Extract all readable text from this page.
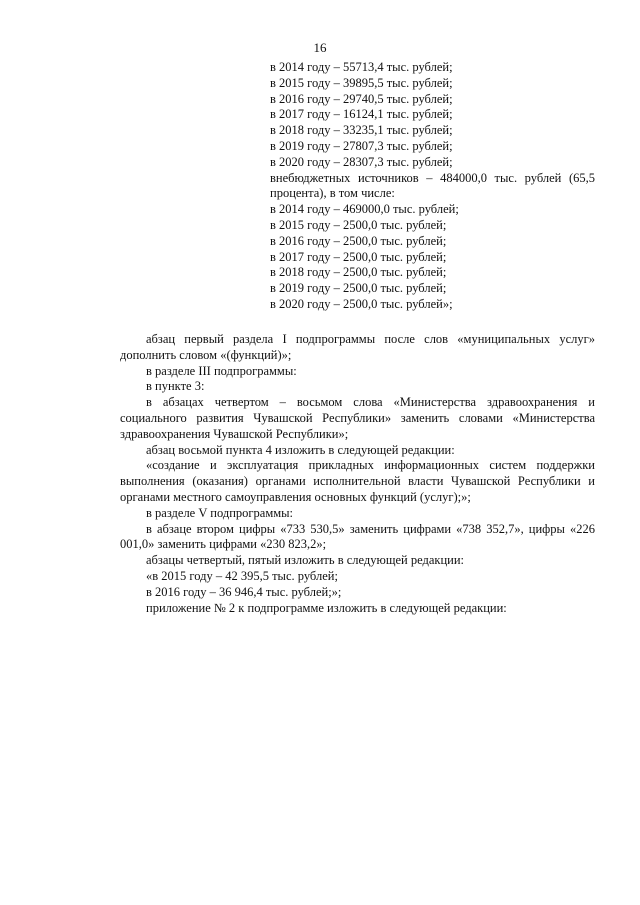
16
в 2014 году – 55713,4 тыс. рублей;
в 2015 году – 39895,5 тыс. рублей;
в 2016 году – 29740,5 тыс. рублей;
в 2017 году – 16124,1 тыс. рублей;
в 2018 году – 33235,1 тыс. рублей;
в 2019 году – 27807,3 тыс. рублей;
в 2020 году – 28307,3 тыс. рублей;
внебюджетных источников – 484000,0 тыс. рублей (65,5 процента), в том числе:
в 2014 году – 469000,0 тыс. рублей;
в 2015 году – 2500,0 тыс. рублей;
в 2016 году – 2500,0 тыс. рублей;
в 2017 году – 2500,0 тыс. рублей;
в 2018 году – 2500,0 тыс. рублей;
в 2019 году – 2500,0 тыс. рублей;
в 2020 году – 2500,0 тыс. рублей»;

абзац первый раздела I подпрограммы после слов «муниципальных услуг» дополнить словом «(функций)»;

в разделе III подпрограммы:

в пункте 3:

в абзацах четвертом – восьмом слова «Министерства здравоохранения и социального развития Чувашской Республики» заменить словами «Министерства здравоохранения Чувашской Республики»;

абзац восьмой пункта 4 изложить в следующей редакции:

«создание и эксплуатация прикладных информационных систем поддержки выполнения (оказания) органами исполнительной власти Чувашской Республики и органами местного самоуправления основных функций (услуг);»;

в разделе V подпрограммы:

в абзаце втором цифры «733 530,5» заменить цифрами «738 352,7», цифры «226 001,0» заменить цифрами «230 823,2»;

абзацы четвертый, пятый изложить в следующей редакции:

«в 2015 году – 42 395,5 тыс. рублей;

в 2016 году – 36 946,4 тыс. рублей;»;

приложение № 2 к подпрограмме изложить в следующей редакции:
